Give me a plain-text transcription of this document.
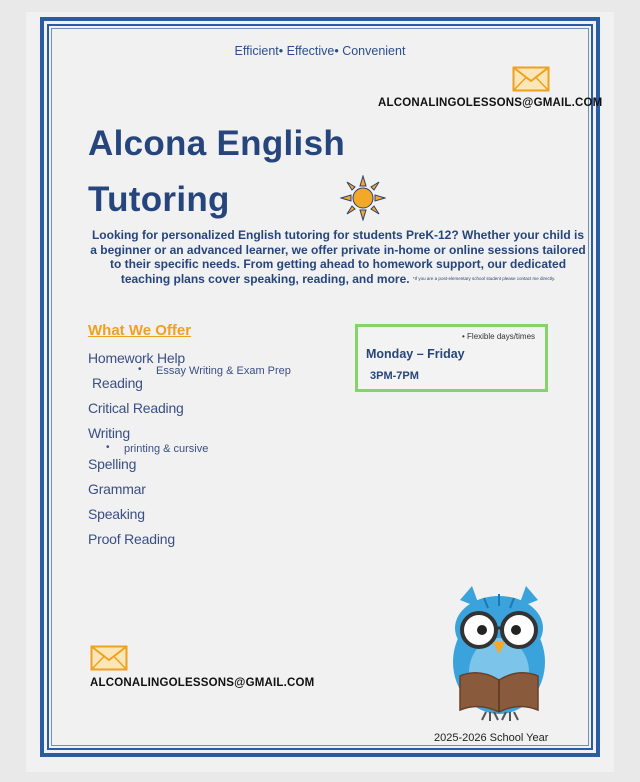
Efficient• Effective• Convenient
ALCONALINGOLESSONS@GMAIL.COM
Alcona English
Tutoring
Looking for personalized English tutoring for students PreK-12? Whether your child is a beginner or an advanced learner, we offer private in-home or online sessions tailored to their specific needs. From getting ahead to homework support, our dedicated teaching plans cover speaking, reading, and more. $^{*If you are a post-elementary school student please contact me directly.}$
What We Offer
Homework Help
• Essay Writing & Exam Prep
Reading
Critical Reading
Writing
• printing & cursive
Spelling
Grammar
Speaking
Proof Reading
• Flexible days/times
Monday – Friday
3PM-7PM
ALCONALINGOLESSONS@GMAIL.COM
2025-2026 School Year
